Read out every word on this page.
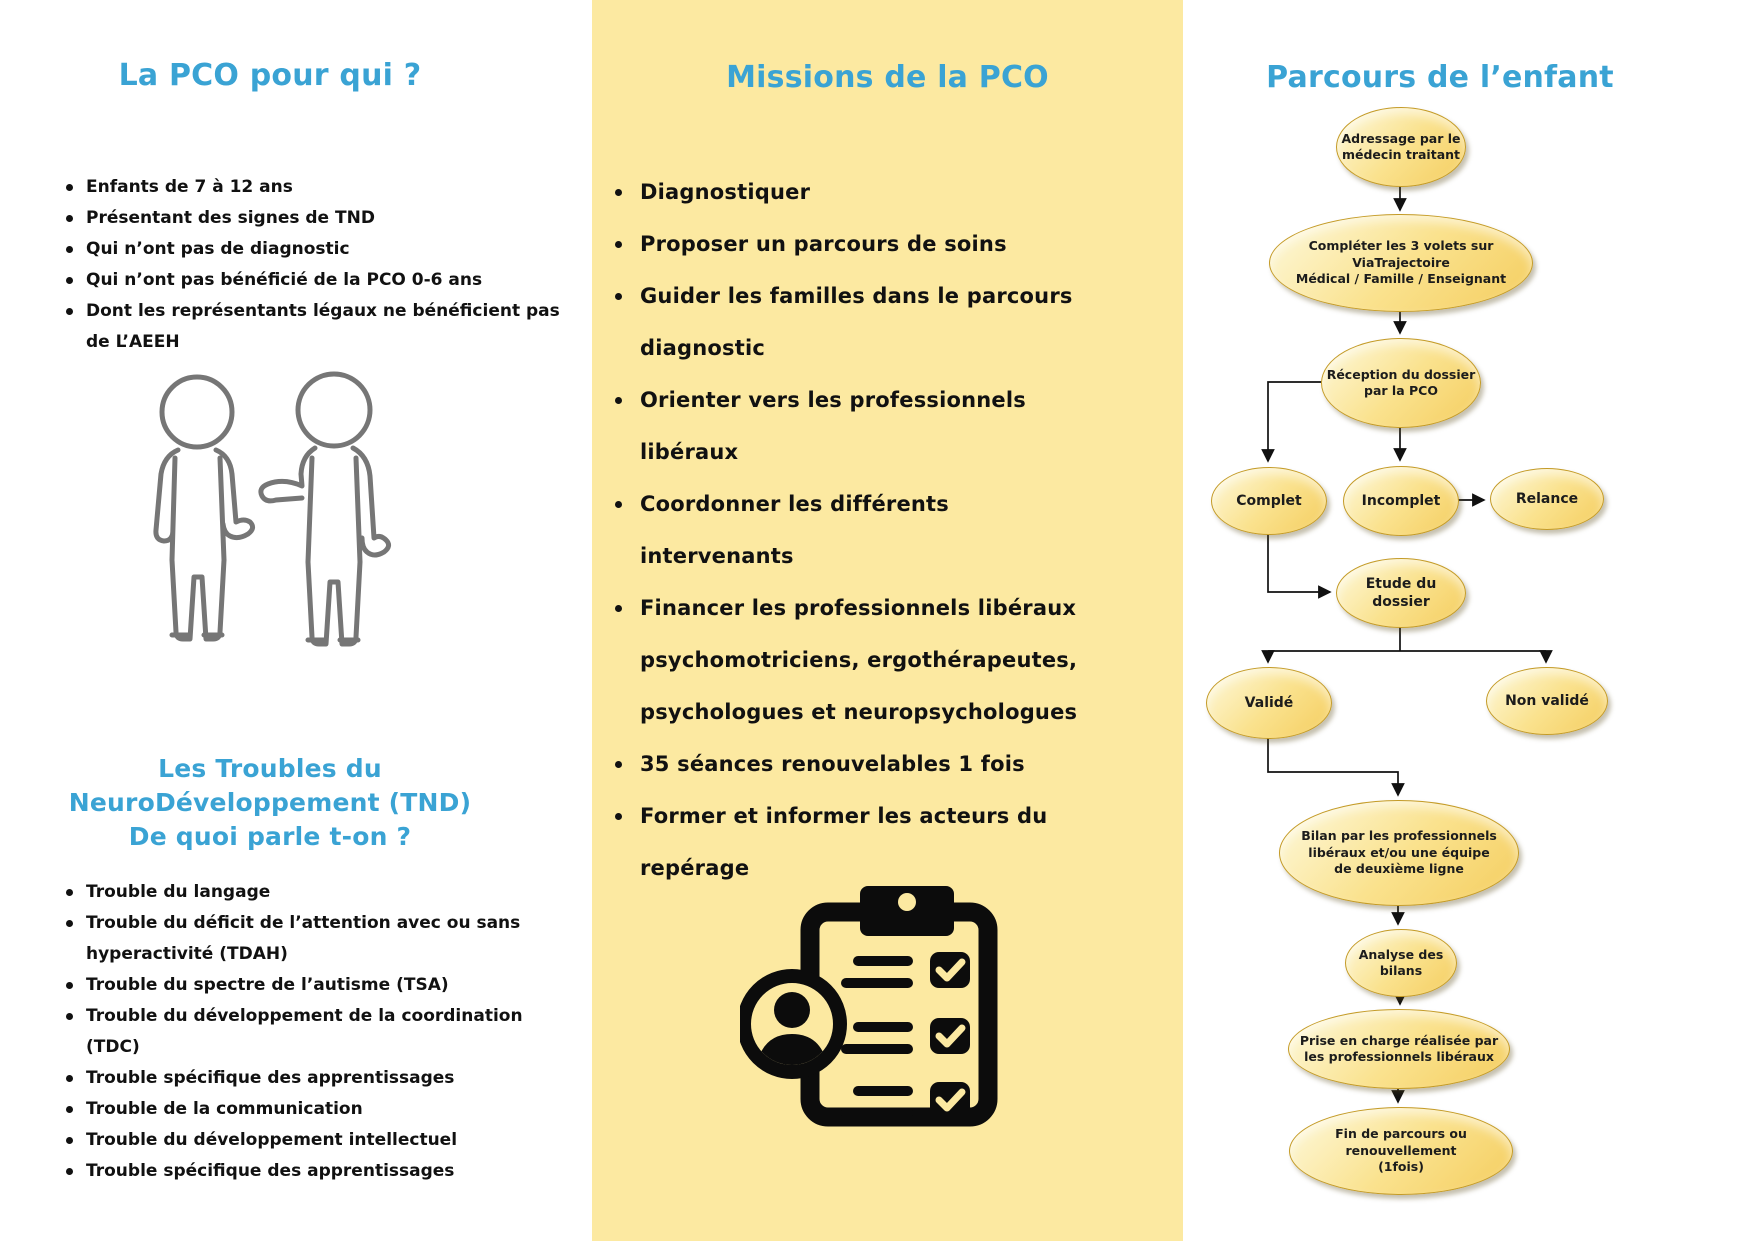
La PCO pour qui ?
Enfants de 7 à 12 ans
Présentant des signes de TND
Qui n’ont pas de diagnostic
Qui n’ont pas bénéficié de la PCO 0-6 ans
Dont les représentants légaux ne bénéficient pas de L’AEEH
Les Troubles du NeuroDéveloppement (TND)
De quoi parle t-on ?
Trouble du langage
Trouble du déficit de l’attention avec ou sans hyperactivité (TDAH)
Trouble du spectre de l’autisme (TSA)
Trouble du développement de la coordination (TDC)
Trouble spécifique des apprentissages
Trouble de la communication
Trouble du développement intellectuel
Trouble spécifique des apprentissages
Missions de la PCO
Diagnostiquer
Proposer un parcours de soins
Guider les familles dans le parcours diagnostic
Orienter vers les professionnels libéraux
Coordonner les différents intervenants
Financer les professionnels libéraux psychomotriciens, ergothérapeutes, psychologues et neuropsychologues
35 séances renouvelables 1 fois
Former et informer les acteurs du repérage
Parcours de l’enfant
Adressage par le
médecin traitant
Compléter les 3 volets sur
ViaTrajectoire
Médical / Famille / Enseignant
Réception du dossier
par la PCO
Complet	Incomplet	Relance
Etude du dossier
Validé	Non validé
Bilan par les professionnels
libéraux et/ou une équipe
de deuxième ligne
Analyse des
bilans
Prise en charge réalisée par
les professionnels libéraux
Fin de parcours ou
renouvellement
(1fois)
